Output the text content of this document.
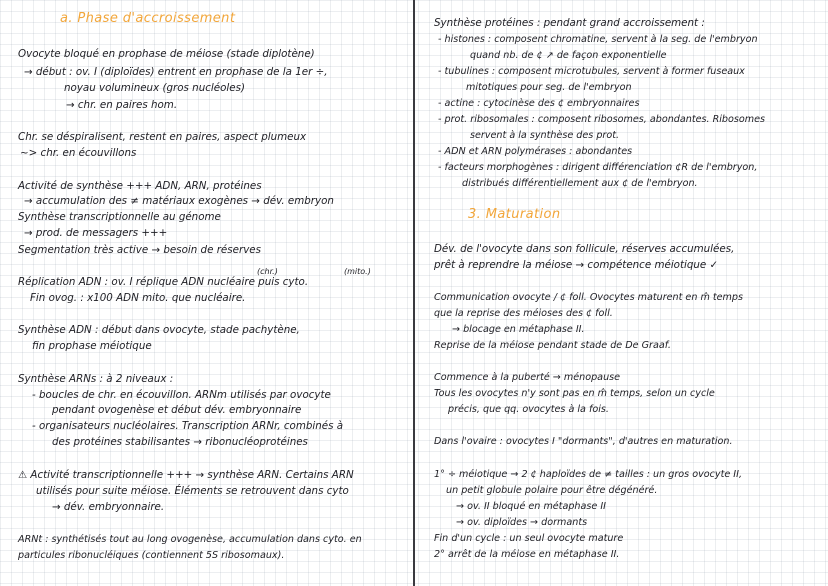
a. Phase d'accroissement
Ovocyte bloqué en prophase de méiose (stade diplotène)
→ début : ov. I (diploïdes) entrent en prophase de la 1er ÷,
noyau volumineux (gros nucléoles)
→ chr. en paires hom.
Chr. se déspiralisent, restent en paires, aspect plumeux
~> chr. en écouvillons
Activité de synthèse +++ ADN, ARN, protéines
→ accumulation des ≠ matériaux exogènes → dév. embryon
Synthèse transcriptionnelle au génome
→ prod. de messagers +++
Segmentation très active → besoin de réserves
(chr.)	(mito.)
Réplication ADN : ov. I réplique ADN nucléaire puis cyto.
Fin ovog. : x100 ADN mito. que nucléaire.
Synthèse ADN : début dans ovocyte, stade pachytène,
fin prophase méiotique
Synthèse ARNs : à 2 niveaux :
- boucles de chr. en écouvillon. ARNm utilisés par ovocyte
pendant ovogenèse et début dév. embryonnaire
- organisateurs nucléolaires. Transcription ARNr, combinés à
des protéines stabilisantes → ribonucléoprotéines
⚠ Activité transcriptionnelle +++ → synthèse ARN. Certains ARN
utilisés pour suite méiose. Éléments se retrouvent dans cyto
→ dév. embryonnaire.
ARNt : synthétisés tout au long ovogenèse, accumulation dans cyto. en
particules ribonucléiques (contiennent 5S ribosomaux).
Synthèse protéines : pendant grand accroissement :
- histones : composent chromatine, servent à la seg. de l'embryon
quand nb. de ¢ ↗ de façon exponentielle
- tubulines : composent microtubules, servent à former fuseaux
mitotiques pour seg. de l'embryon
- actine : cytocinèse des ¢ embryonnaires
- prot. ribosomales : composent ribosomes, abondantes. Ribosomes
servent à la synthèse des prot.
- ADN et ARN polymérases : abondantes
- facteurs morphogènes : dirigent différenciation ¢R de l'embryon,
distribués différentiellement aux ¢ de l'embryon.
3. Maturation
Dév. de l'ovocyte dans son follicule, réserves accumulées,
prêt à reprendre la méiose → compétence méiotique ✓
Communication ovocyte / ¢ foll. Ovocytes maturent en m̂ temps
que la reprise des méioses des ¢ foll.
→ blocage en métaphase II.
Reprise de la méiose pendant stade de De Graaf.
Commence à la puberté → ménopause
Tous les ovocytes n'y sont pas en m̂ temps, selon un cycle
précis, que qq. ovocytes à la fois.
Dans l'ovaire : ovocytes I "dormants", d'autres en maturation.
1° ÷ méiotique → 2 ¢ haploïdes de ≠ tailles : un gros ovocyte II,
un petit globule polaire pour être dégénéré.
→ ov. II bloqué en métaphase II
→ ov. diploïdes → dormants
Fin d'un cycle : un seul ovocyte mature
2° arrêt de la méiose en métaphase II.
